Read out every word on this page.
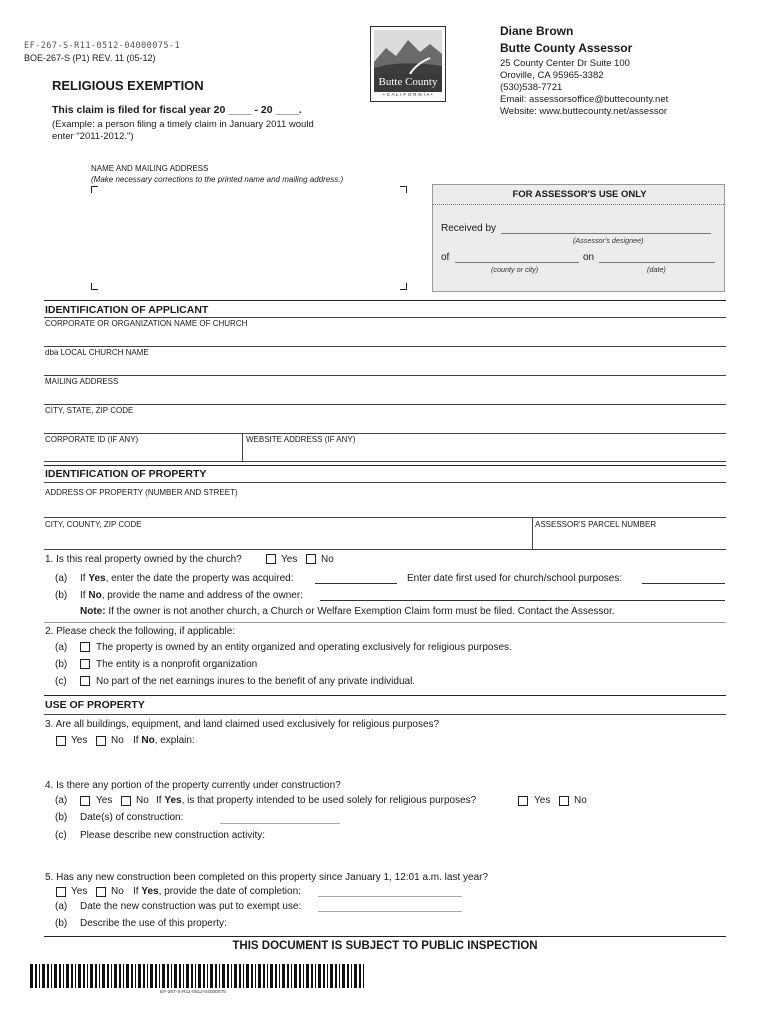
EF-267-S-R11-0512-04000075-1
BOE-267-S (P1) REV. 11 (05-12)
RELIGIOUS EXEMPTION
This claim is filed for fiscal year 20 ____ - 20 ____.
(Example: a person filing a timely claim in January 2011 would
enter "2011-2012.")
Butte County
• C A L I F O R N I A •
Diane Brown
Butte County Assessor
25 County Center Dr Suite 100
Oroville, CA 95965-3382
(530)538-7721
Email: assessorsoffice@buttecounty.net
Website: www.buttecounty.net/assessor
NAME AND MAILING ADDRESS
(Make necessary corrections to the printed name and mailing address.)
FOR ASSESSOR'S USE ONLY
Received by
(Assessor's designee)
of	on
(county or city)	(date)
IDENTIFICATION OF APPLICANT
CORPORATE OR ORGANIZATION NAME OF CHURCH
dba LOCAL CHURCH NAME
MAILING ADDRESS
CITY, STATE, ZIP CODE
CORPORATE ID (IF ANY)	WEBSITE ADDRESS (IF ANY)
IDENTIFICATION OF PROPERTY
ADDRESS OF PROPERTY (NUMBER AND STREET)
CITY, COUNTY, ZIP CODE	ASSESSOR'S PARCEL NUMBER
1. Is this real property owned by the church?	Yes No
(a) If Yes, enter the date the property was acquired:	Enter date first used for church/school purposes:
(b) If No, provide the name and address of the owner:
Note: If the owner is not another church, a Church or Welfare Exemption Claim form must be filed. Contact the Assessor.
2. Please check the following, if applicable:
(a)	The property is owned by an entity organized and operating exclusively for religious purposes.
(b)	The entity is a nonprofit organization
(c)	No part of the net earnings inures to the benefit of any private individual.
USE OF PROPERTY
3. Are all buildings, equipment, and land claimed used exclusively for religious purposes?
Yes No If No, explain:
4. Is there any portion of the property currently under construction?
(a)	Yes No If Yes, is that property intended to be used solely for religious purposes?	Yes No
(b) Date(s) of construction:
(c) Please describe new construction activity:
5. Has any new construction been completed on this property since January 1, 12:01 a.m. last year?
Yes No If Yes, provide the date of completion:
(a) Date the new construction was put to exempt use:
(b) Describe the use of this property:
THIS DOCUMENT IS SUBJECT TO PUBLIC INSPECTION
EF-267-S-R11-0512-04000075
